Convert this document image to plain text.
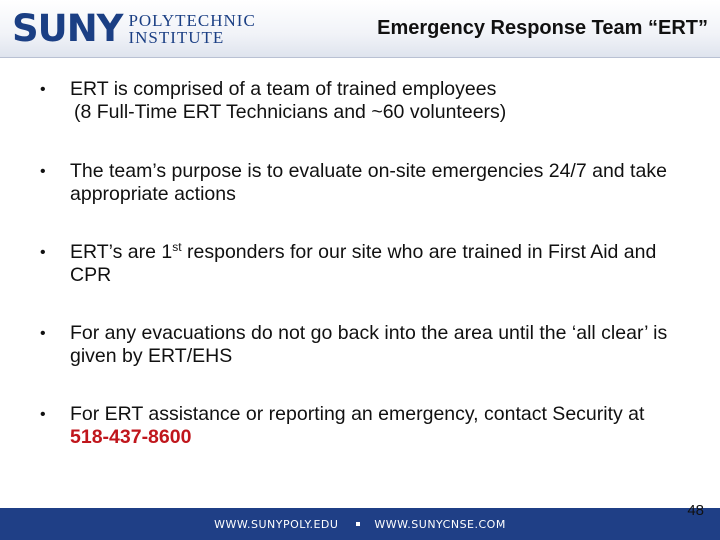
SUNY POLYTECHNIC
INSTITUTE	Emergency Response Team “ERT”
• ERT is comprised of a team of trained employees
(8 Full-Time ERT Technicians and ~60 volunteers)
• The team’s purpose is to evaluate on-site emergencies 24/7 and take appropriate actions
• ERT’s are 1st responders for our site who are trained in First Aid and CPR
• For any evacuations do not go back into the area until the ‘all clear’ is given by ERT/EHS
• For ERT assistance or reporting an emergency, contact Security at 518-437-8600
WWW.SUNYPOLY.EDU	WWW.SUNYCNSE.COM
48
